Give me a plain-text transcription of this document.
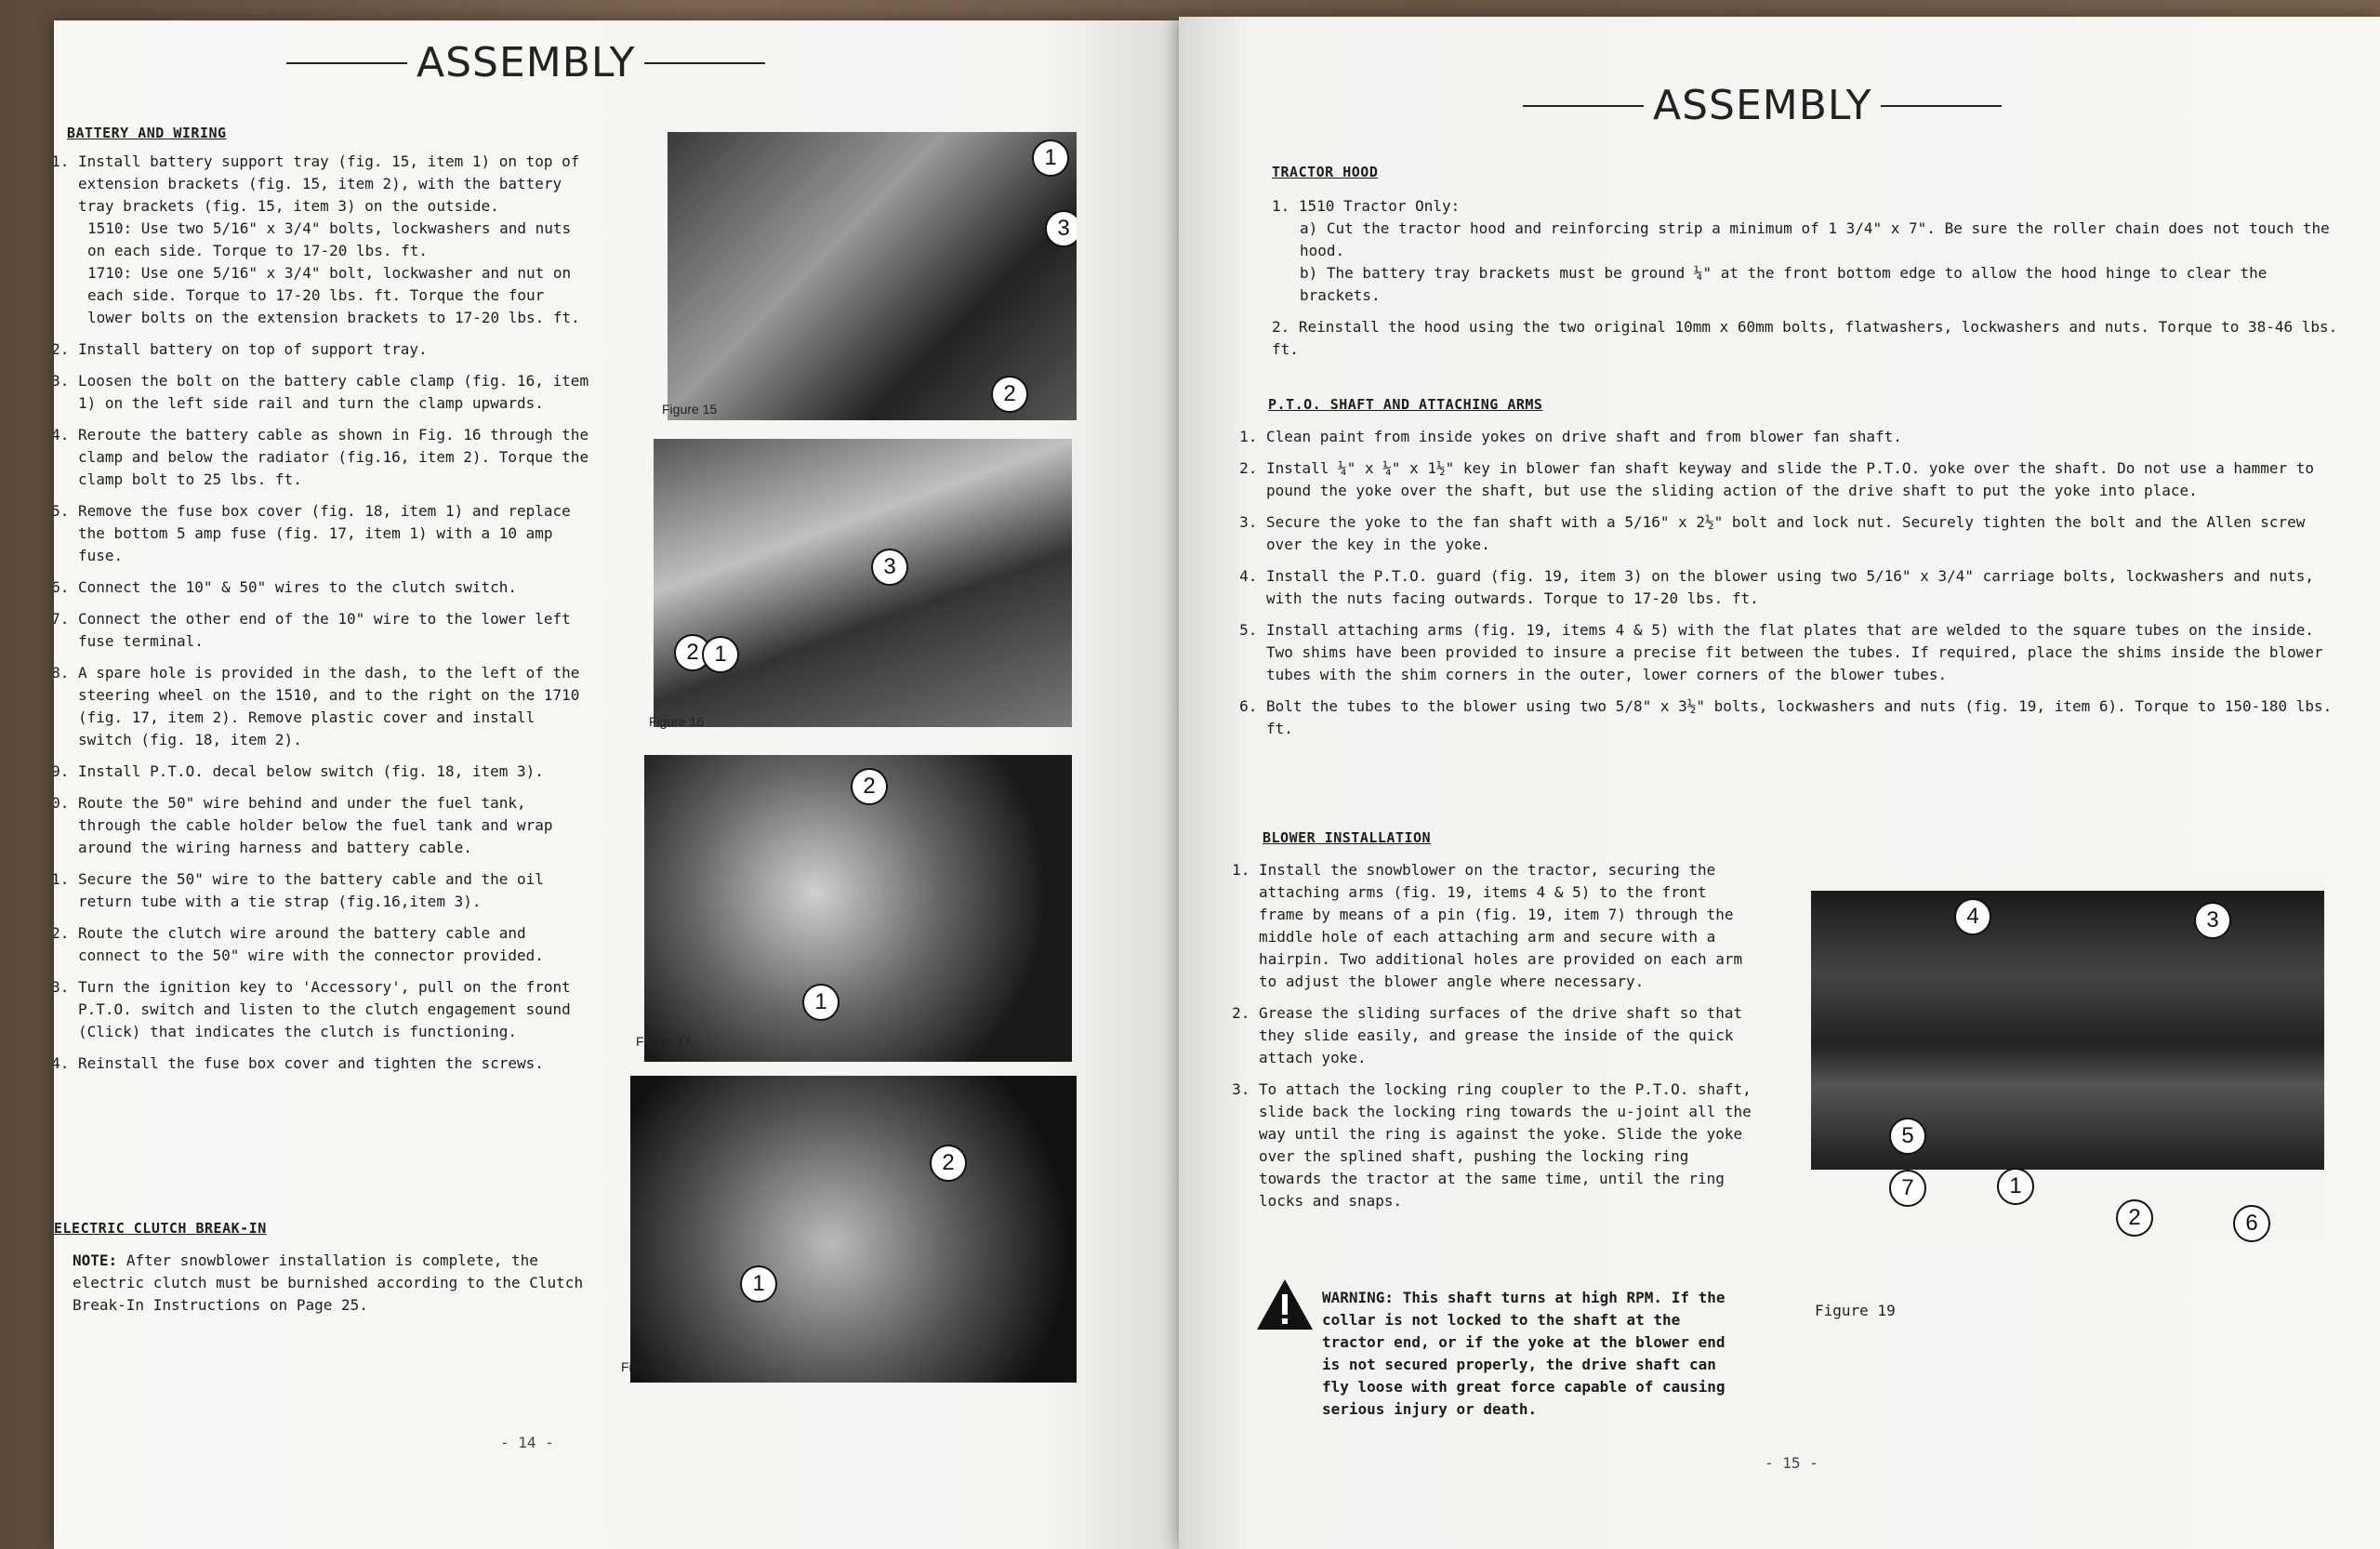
ASSEMBLY
BATTERY AND WIRING
1. Install battery support tray (fig. 15, item 1) on top of extension brackets (fig. 15, item 2), with the battery tray brackets (fig. 15, item 3) on the outside.
1510: Use two 5/16" x 3/4" bolts, lockwashers and nuts on each side. Torque to 17-20 lbs. ft.
1710: Use one 5/16" x 3/4" bolt, lockwasher and nut on each side. Torque to 17-20 lbs. ft. Torque the four lower bolts on the extension brackets to 17-20 lbs. ft.
2. Install battery on top of support tray.
3. Loosen the bolt on the battery cable clamp (fig. 16, item 1) on the left side rail and turn the clamp upwards.
4. Reroute the battery cable as shown in Fig. 16 through the clamp and below the radiator (fig.16, item 2). Torque the clamp bolt to 25 lbs. ft.
5. Remove the fuse box cover (fig. 18, item 1) and replace the bottom 5 amp fuse (fig. 17, item 1) with a 10 amp fuse.
6. Connect the 10" & 50" wires to the clutch switch.
7. Connect the other end of the 10" wire to the lower left fuse terminal.
8. A spare hole is provided in the dash, to the left of the steering wheel on the 1510, and to the right on the 1710 (fig. 17, item 2). Remove plastic cover and install switch (fig. 18, item 2).
9. Install P.T.O. decal below switch (fig. 18, item 3).
10. Route the 50" wire behind and under the fuel tank, through the cable holder below the fuel tank and wrap around the wiring harness and battery cable.
11. Secure the 50" wire to the battery cable and the oil return tube with a tie strap (fig.16,item 3).
12. Route the clutch wire around the battery cable and connect to the 50" wire with the connector provided.
13. Turn the ignition key to 'Accessory', pull on the front P.T.O. switch and listen to the clutch engagement sound (Click) that indicates the clutch is functioning.
14. Reinstall the fuse box cover and tighten the screws.
ELECTRIC CLUTCH BREAK-IN
NOTE: After snowblower installation is complete, the electric clutch must be burnished according to the Clutch Break-In Instructions on Page 25.
1
3
2
Figure 15
3
2 1
Figure 16
2
1
Figure 17
2
1
Figure 18
- 14 -
ASSEMBLY
TRACTOR HOOD
1. 1510 Tractor Only:
a) Cut the tractor hood and reinforcing strip a minimum of 1 3/4" x 7". Be sure the roller chain does not touch the hood.
b) The battery tray brackets must be ground ¼" at the front bottom edge to allow the hood hinge to clear the brackets.
2. Reinstall the hood using the two original 10mm x 60mm bolts, flatwashers, lockwashers and nuts. Torque to 38-46 lbs. ft.
P.T.O. SHAFT AND ATTACHING ARMS
1. Clean paint from inside yokes on drive shaft and from blower fan shaft.
2. Install ¼" x ¼" x 1½" key in blower fan shaft keyway and slide the P.T.O. yoke over the shaft. Do not use a hammer to pound the yoke over the shaft, but use the sliding action of the drive shaft to put the yoke into place.
3. Secure the yoke to the fan shaft with a 5/16" x 2½" bolt and lock nut. Securely tighten the bolt and the Allen screw over the key in the yoke.
4. Install the P.T.O. guard (fig. 19, item 3) on the blower using two 5/16" x 3/4" carriage bolts, lockwashers and nuts, with the nuts facing outwards. Torque to 17-20 lbs. ft.
5. Install attaching arms (fig. 19, items 4 & 5) with the flat plates that are welded to the square tubes on the inside. Two shims have been provided to insure a precise fit between the tubes. If required, place the shims inside the blower tubes with the shim corners in the outer, lower corners of the blower tubes.
6. Bolt the tubes to the blower using two 5/8" x 3½" bolts, lockwashers and nuts (fig. 19, item 6). Torque to 150-180 lbs. ft.
BLOWER INSTALLATION
1. Install the snowblower on the tractor, securing the attaching arms (fig. 19, items 4 & 5) to the front frame by means of a pin (fig. 19, item 7) through the middle hole of each attaching arm and secure with a hairpin. Two additional holes are provided on each arm to adjust the blower angle where necessary.
2. Grease the sliding surfaces of the drive shaft so that they slide easily, and grease the inside of the quick attach yoke.
3. To attach the locking ring coupler to the P.T.O. shaft, slide back the locking ring towards the u-joint all the way until the ring is against the yoke. Slide the yoke over the splined shaft, pushing the locking ring towards the tractor at the same time, until the ring locks and snaps.
WARNING: This shaft turns at high RPM. If the collar is not locked to the shaft at the tractor end, or if the yoke at the blower end is not secured properly, the drive shaft can fly loose with great force capable of causing serious injury or death.
4	3
5
7	1
2	6
Figure 19
- 15 -
